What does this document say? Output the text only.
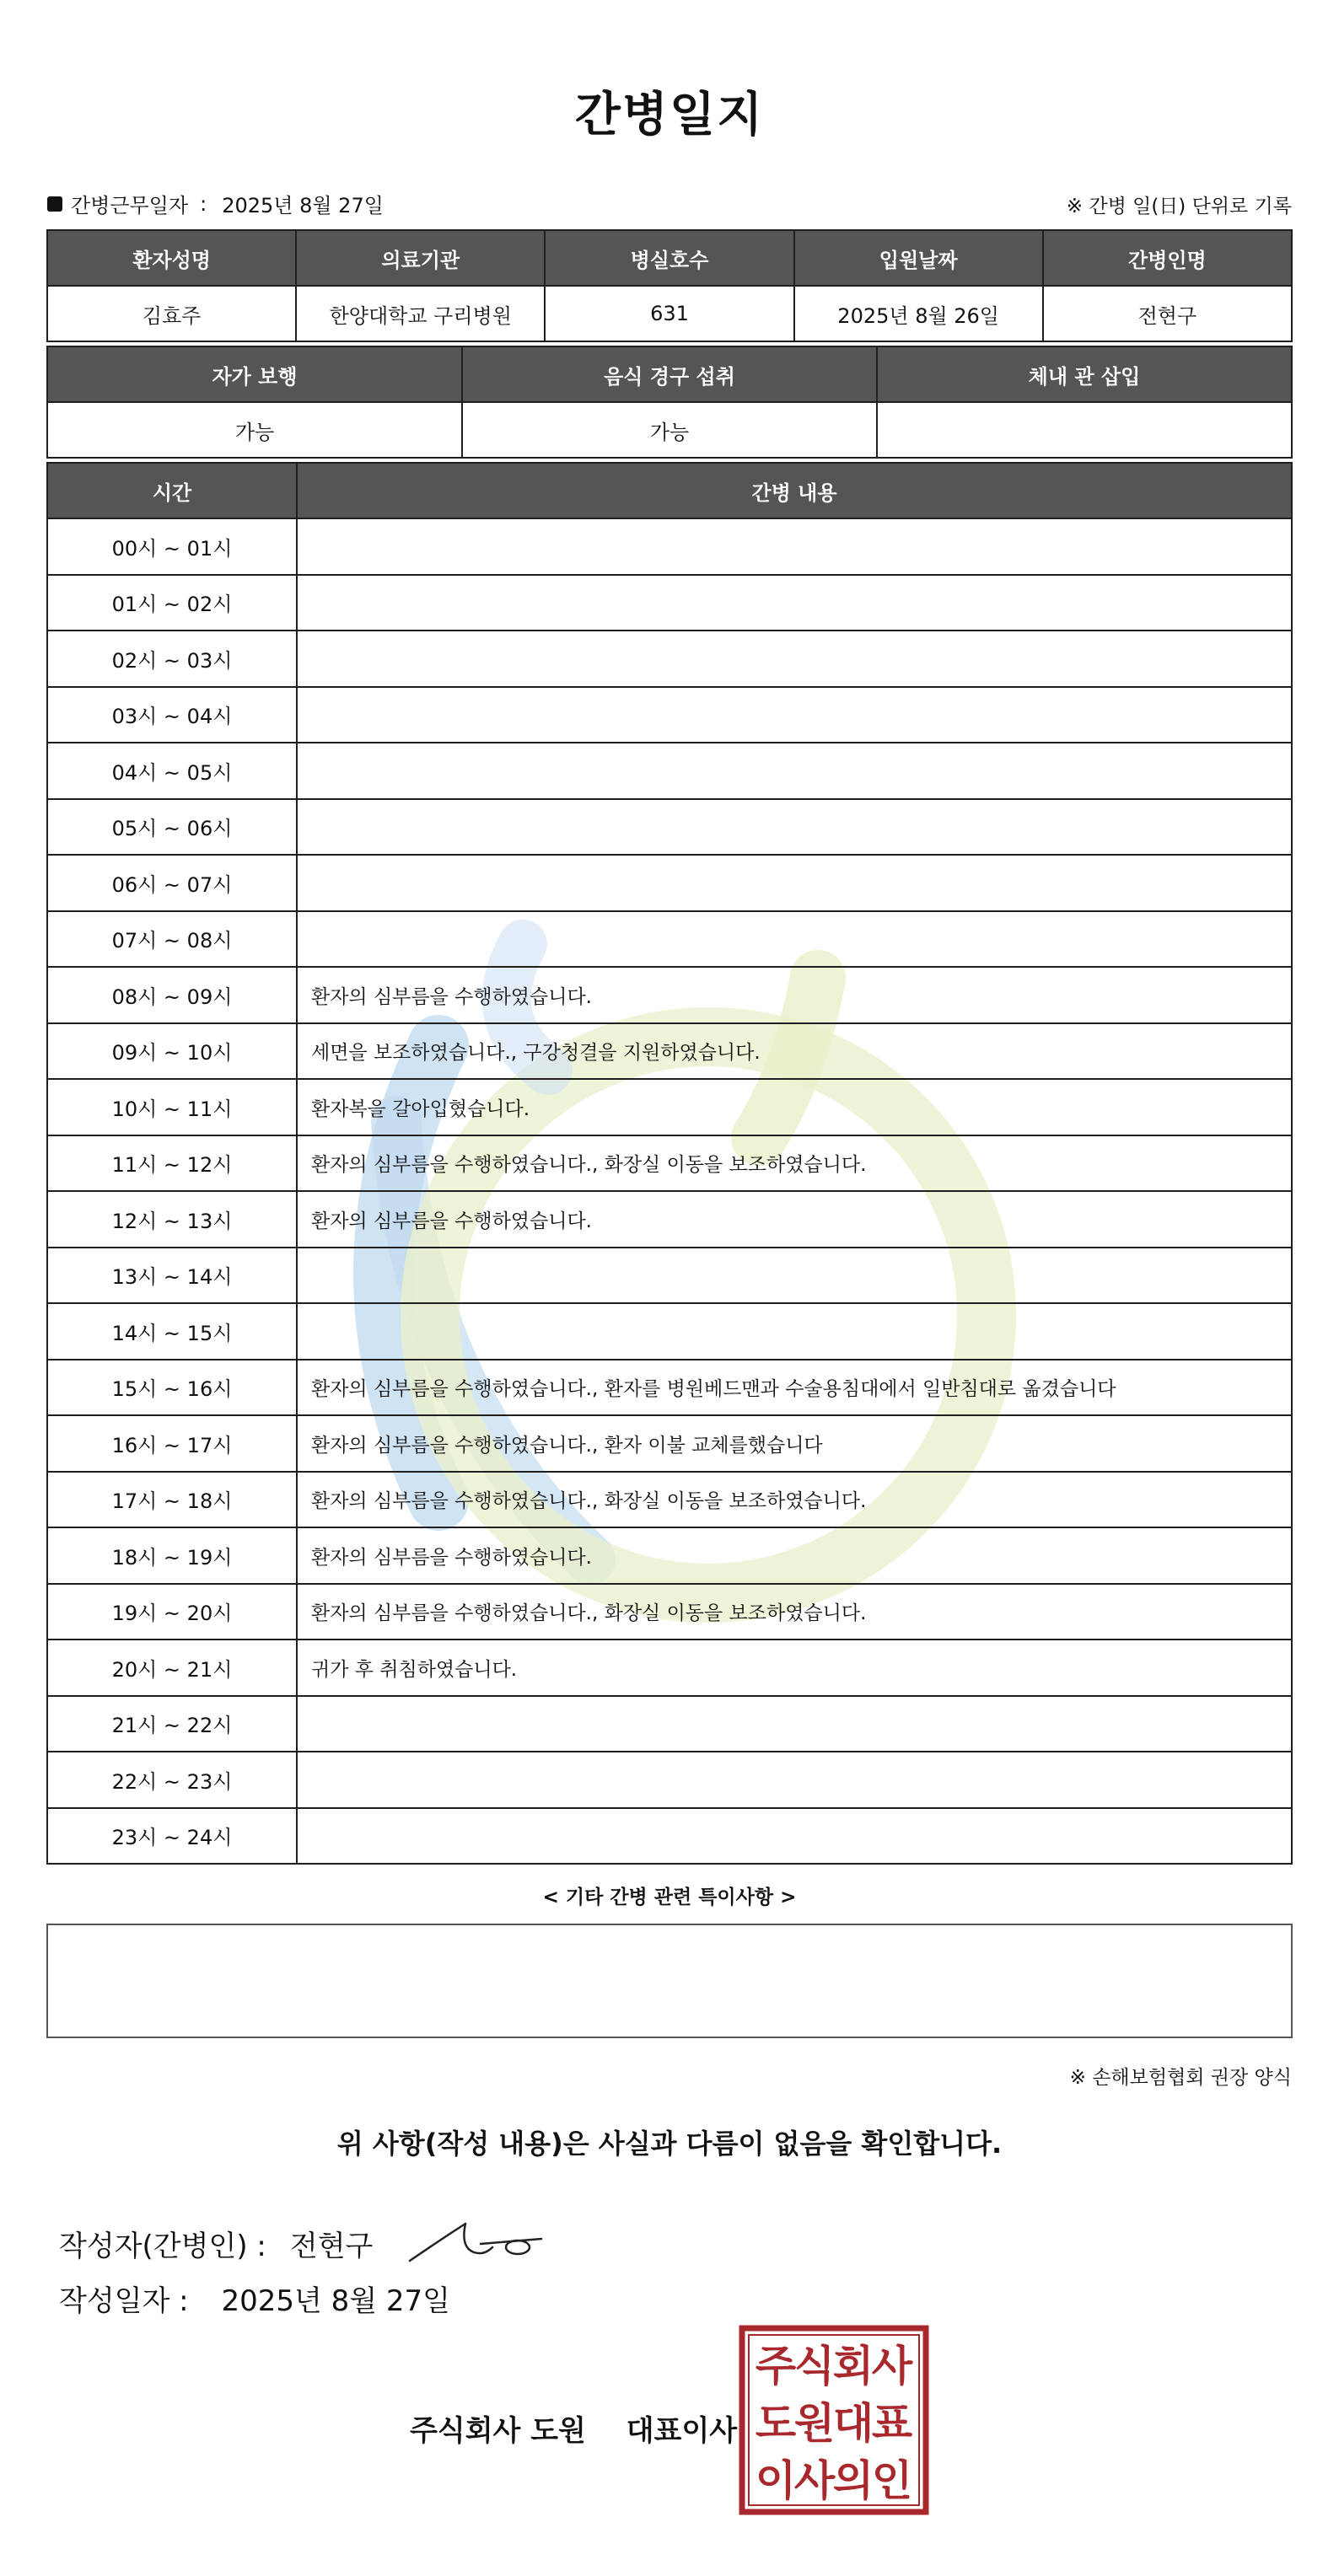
간병일지
간병근무일자 : 2025년 8월 27일	※ 간병 일(日) 단위로 기록
환자성명	의료기관	병실호수	입원날짜	간병인명
김효주	한양대학교 구리병원	631	2025년 8월 26일	전현구
자가 보행	음식 경구 섭취	체내 관 삽입
가능	가능	
시간	간병 내용
00시 ~ 01시	
01시 ~ 02시	
02시 ~ 03시	
03시 ~ 04시	
04시 ~ 05시	
05시 ~ 06시	
06시 ~ 07시	
07시 ~ 08시	
08시 ~ 09시	환자의 심부름을 수행하였습니다.
09시 ~ 10시	세면을 보조하였습니다., 구강청결을 지원하였습니다.
10시 ~ 11시	환자복을 갈아입혔습니다.
11시 ~ 12시	환자의 심부름을 수행하였습니다., 화장실 이동을 보조하였습니다.
12시 ~ 13시	환자의 심부름을 수행하였습니다.
13시 ~ 14시	
14시 ~ 15시	
15시 ~ 16시	환자의 심부름을 수행하였습니다., 환자를 병원베드맨과 수술용침대에서 일반침대로 옮겼습니다
16시 ~ 17시	환자의 심부름을 수행하였습니다., 환자 이불 교체를했습니다
17시 ~ 18시	환자의 심부름을 수행하였습니다., 화장실 이동을 보조하였습니다.
18시 ~ 19시	환자의 심부름을 수행하였습니다.
19시 ~ 20시	환자의 심부름을 수행하였습니다., 화장실 이동을 보조하였습니다.
20시 ~ 21시	귀가 후 취침하였습니다.
21시 ~ 22시	
22시 ~ 23시	
23시 ~ 24시	
< 기타 간병 관련 특이사항 >
※ 손해보험협회 권장 양식
위 사항(작성 내용)은 사실과 다름이 없음을 확인합니다.
작성자(간병인) : 전현구
작성일자 : 2025년 8월 27일
주식회사 도원 대표이사
주
식
회
사
도
원
대
표
이
사
의
인
